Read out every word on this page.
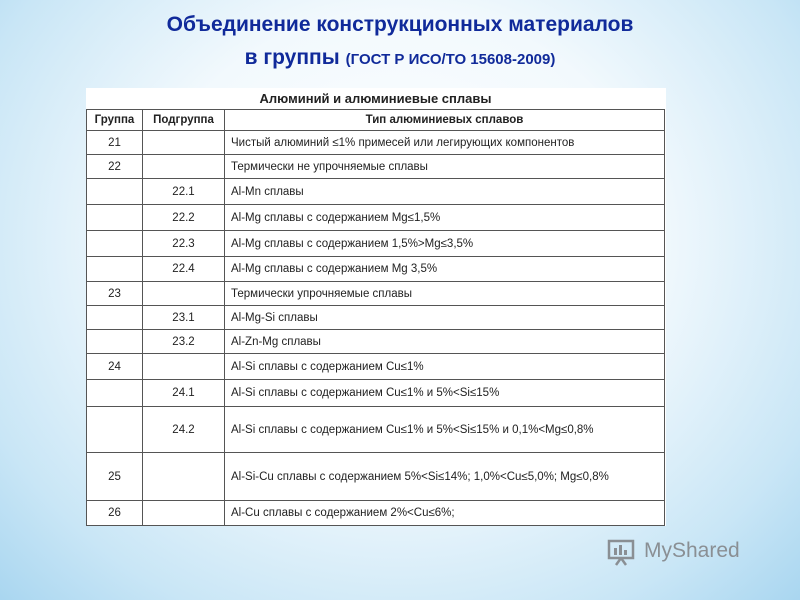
Объединение конструкционных материалов
в группы (ГОСТ Р ИСО/ТО 15608-2009)
Алюминий и алюминиевые сплавы		
Группа	Подгруппа	Тип алюминиевых сплавов
21		Чистый алюминий ≤1% примесей или легирующих компонентов
22		Термически не упрочняемые сплавы
	22.1	Al-Mn сплавы
	22.2	Al-Mg сплавы с содержанием Mg≤1,5%
	22.3	Al-Mg сплавы с содержанием 1,5%>Mg≤3,5%
	22.4	Al-Mg сплавы с содержанием Mg 3,5%
23		Термически упрочняемые сплавы
	23.1	Al-Mg-Si сплавы
	23.2	Al-Zn-Mg сплавы
24		Al-Si сплавы с содержанием Cu≤1%
	24.1	Al-Si сплавы с содержанием Cu≤1% и 5%<Si≤15%
	24.2	Al-Si сплавы с содержанием Cu≤1% и 5%<Si≤15% и 0,1%<Mg≤0,8%
25		Al-Si-Cu сплавы с содержанием 5%<Si≤14%; 1,0%<Cu≤5,0%; Mg≤0,8%
26		Al-Cu сплавы с содержанием 2%<Cu≤6%;
MyShared
